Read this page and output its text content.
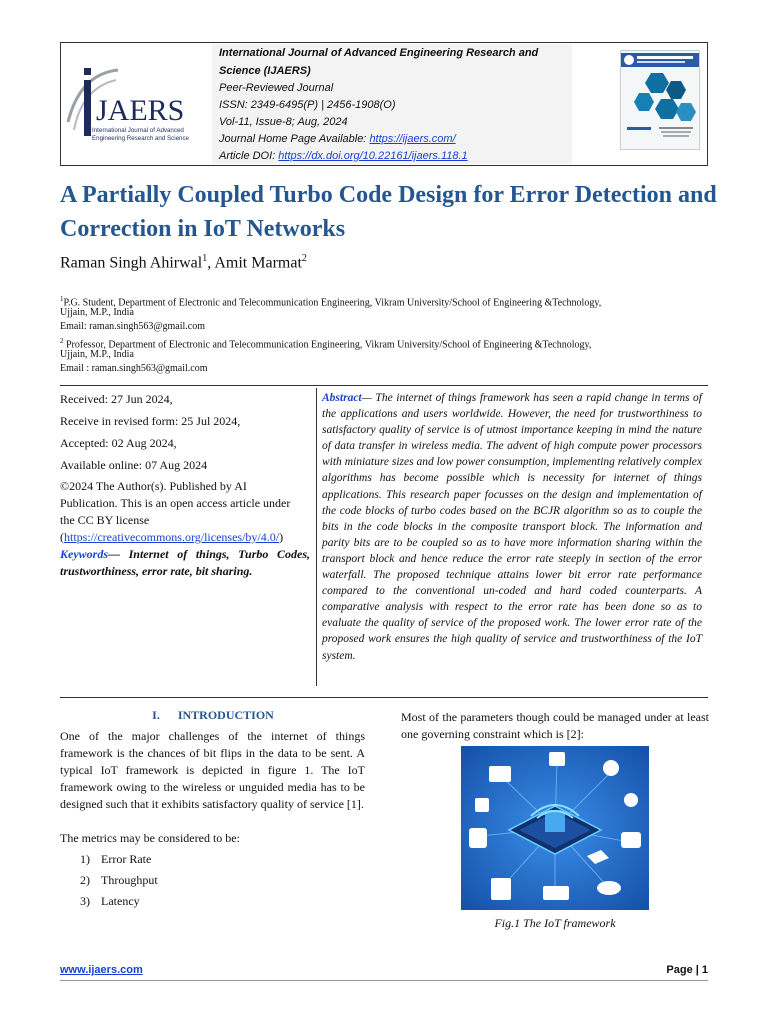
JAERS
International Journal of Advanced
Engineering Research and Science
International Journal of Advanced Engineering Research and
Science (IJAERS)
Peer-Reviewed Journal
ISSN: 2349-6495(P) | 2456-1908(O)
Vol-11, Issue-8; Aug, 2024
Journal Home Page Available: https://ijaers.com/
Article DOI: https://dx.doi.org/10.22161/ijaers.118.1
A Partially Coupled Turbo Code Design for Error Detection and Correction in IoT Networks
Raman Singh Ahirwal$^1$, Amit Marmat$^2$
$^1$P.G. Student, Department of Electronic and Telecommunication Engineering, Vikram University/School of Engineering &Technology,
Ujjain, M.P., India
Email: raman.singh563@gmail.com
$^2$ Professor, Department of Electronic and Telecommunication Engineering, Vikram University/School of Engineering &Technology,
Ujjain, M.P., India
Email : raman.singh563@gmail.com
Received: 27 Jun 2024,
Receive in revised form: 25 Jul 2024,
Accepted: 02 Aug 2024,
Available online: 07 Aug 2024
©2024 The Author(s). Published by AI
Publication. This is an open access article under
the CC BY license
(https://creativecommons.org/licenses/by/4.0/)
Keywords— Internet of things, Turbo Codes, trustworthiness, error rate, bit sharing.
Abstract— The internet of things framework has seen a rapid change in terms of the applications and users worldwide. However, the need for trustworthiness to satisfactory quality of service is of utmost importance keeping in mind the nature of data transfer in wireless media. The advent of high compute power processors with miniature sizes and low power consumption, implementing relatively complex algorithms has become possible which is necessity for internet of things applications. This research paper focusses on the design and implementation of the code blocks of turbo codes based on the BCJR algorithm so as to couple the bits in the code blocks in the composite transport block. The information and parity bits are to be coupled so as to have more information sharing within the transport block and hence reduce the error rate steeply in section of the error waterfall. The proposed technique attains lower bit error rate performance compared to the conventional un-coded and hard coded counterparts. A comparative analysis with respect to the error rate has been done so as to evaluate the quality of service of the proposed work. The lower error rate of the proposed work ensures the high quality of service and trustworthiness of the IoT system.
I.      INTRODUCTION
One of the major challenges of the internet of things framework is the chances of bit flips in the data to be sent. A typical IoT framework is depicted in figure 1. The IoT framework owing to the wireless or unguided media has to be designed such that it exhibits satisfactory quality of service [1].
The metrics may be considered to be:
1) Error Rate
2) Throughput
3) Latency
Most of the parameters though could be managed under at least one governing constraint which is [2]:
Fig.1 The IoT framework
www.ijaers.com	Page | 1
